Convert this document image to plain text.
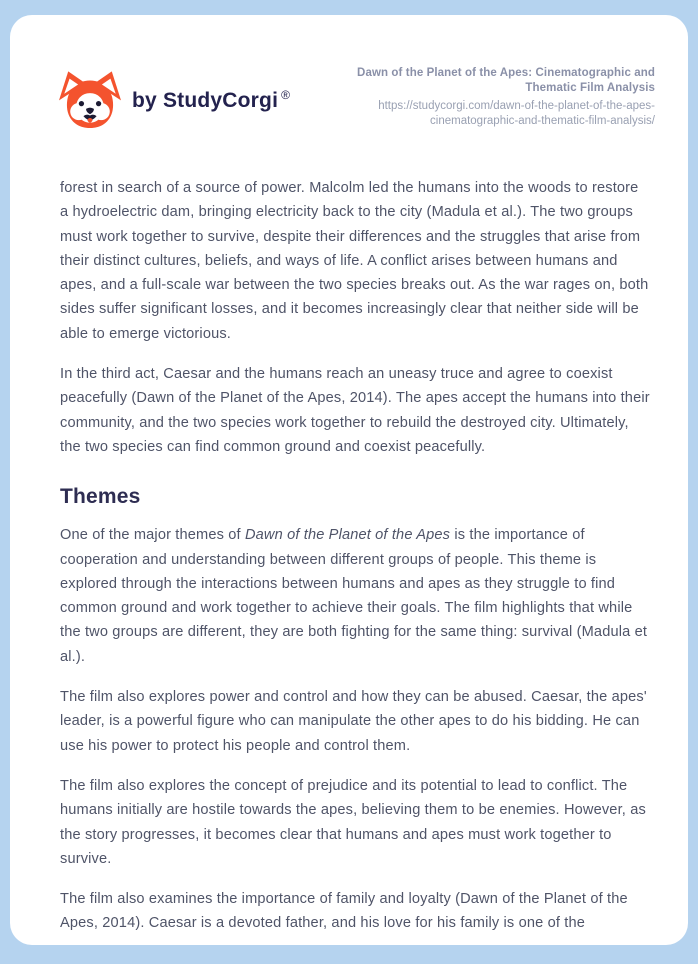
by StudyCorgi ®
Dawn of the Planet of the Apes: Cinematographic and Thematic Film Analysis
https://studycorgi.com/dawn-of-the-planet-of-the-apes-cinematographic-and-thematic-film-analysis/

forest in search of a source of power. Malcolm led the humans into the woods to restore a hydroelectric dam, bringing electricity back to the city (Madula et al.). The two groups must work together to survive, despite their differences and the struggles that arise from their distinct cultures, beliefs, and ways of life. A conflict arises between humans and apes, and a full-scale war between the two species breaks out. As the war rages on, both sides suffer significant losses, and it becomes increasingly clear that neither side will be able to emerge victorious.

In the third act, Caesar and the humans reach an uneasy truce and agree to coexist peacefully (Dawn of the Planet of the Apes, 2014). The apes accept the humans into their community, and the two species work together to rebuild the destroyed city. Ultimately, the two species can find common ground and coexist peacefully.

Themes

One of the major themes of Dawn of the Planet of the Apes is the importance of cooperation and understanding between different groups of people. This theme is explored through the interactions between humans and apes as they struggle to find common ground and work together to achieve their goals. The film highlights that while the two groups are different, they are both fighting for the same thing: survival (Madula et al.).

The film also explores power and control and how they can be abused. Caesar, the apes' leader, is a powerful figure who can manipulate the other apes to do his bidding. He can use his power to protect his people and control them.

The film also explores the concept of prejudice and its potential to lead to conflict. The humans initially are hostile towards the apes, believing them to be enemies. However, as the story progresses, it becomes clear that humans and apes must work together to survive.

The film also examines the importance of family and loyalty (Dawn of the Planet of the Apes, 2014). Caesar is a devoted father, and his love for his family is one of the
